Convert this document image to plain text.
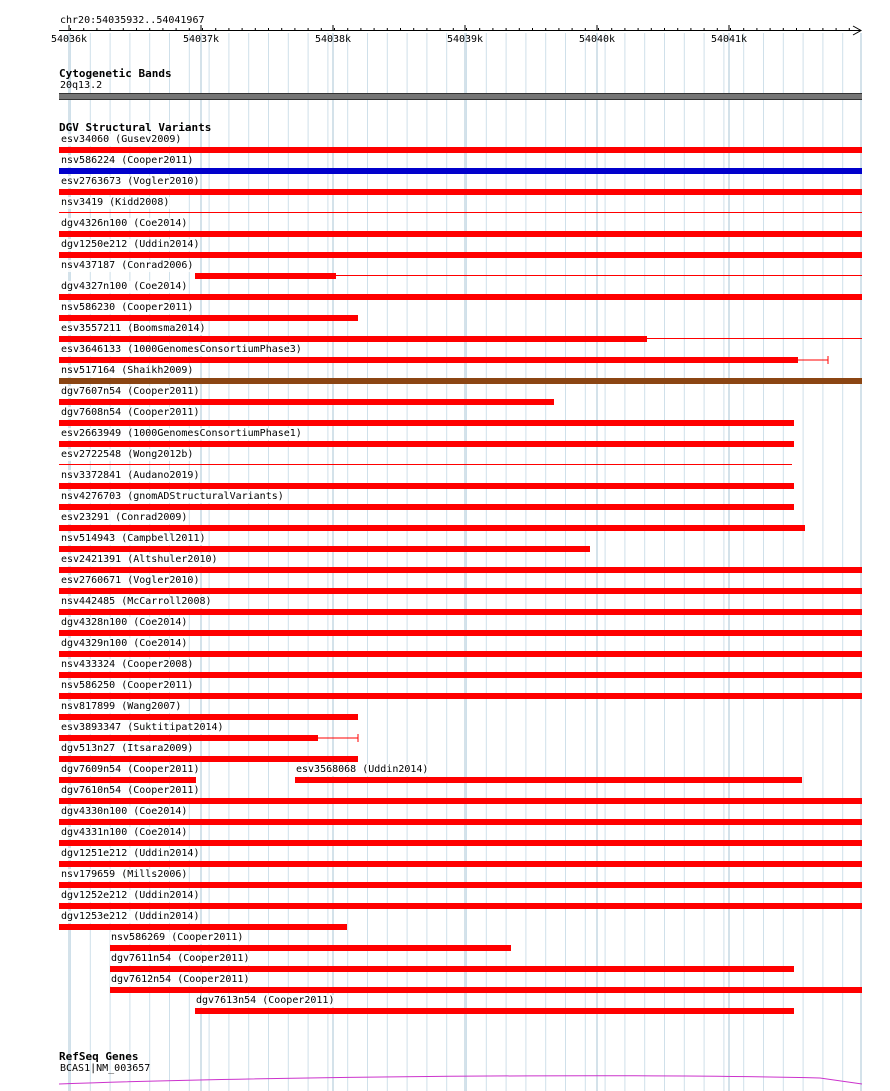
chr20:54035932..54041967
54036k	54037k	54038k	54039k	54040k	54041k
Cytogenetic Bands
20q13.2
DGV Structural Variants
esv34060 (Gusev2009)
nsv586224 (Cooper2011)
esv2763673 (Vogler2010)
nsv3419 (Kidd2008)
dgv4326n100 (Coe2014)
dgv1250e212 (Uddin2014)
nsv437187 (Conrad2006)
dgv4327n100 (Coe2014)
nsv586230 (Cooper2011)
esv3557211 (Boomsma2014)
esv3646133 (1000GenomesConsortiumPhase3)
nsv517164 (Shaikh2009)
dgv7607n54 (Cooper2011)
dgv7608n54 (Cooper2011)
esv2663949 (1000GenomesConsortiumPhase1)
esv2722548 (Wong2012b)
nsv3372841 (Audano2019)
nsv4276703 (gnomADStructuralVariants)
esv23291 (Conrad2009)
nsv514943 (Campbell2011)
esv2421391 (Altshuler2010)
esv2760671 (Vogler2010)
nsv442485 (McCarroll2008)
dgv4328n100 (Coe2014)
dgv4329n100 (Coe2014)
nsv433324 (Cooper2008)
nsv586250 (Cooper2011)
nsv817899 (Wang2007)
esv3893347 (Suktitipat2014)
dgv513n27 (Itsara2009)
dgv7609n54 (Cooper2011)	esv3568068 (Uddin2014)
dgv7610n54 (Cooper2011)
dgv4330n100 (Coe2014)
dgv4331n100 (Coe2014)
dgv1251e212 (Uddin2014)
nsv179659 (Mills2006)
dgv1252e212 (Uddin2014)
dgv1253e212 (Uddin2014)
nsv586269 (Cooper2011)
dgv7611n54 (Cooper2011)
dgv7612n54 (Cooper2011)
dgv7613n54 (Cooper2011)
RefSeq Genes
BCAS1|NM_003657
